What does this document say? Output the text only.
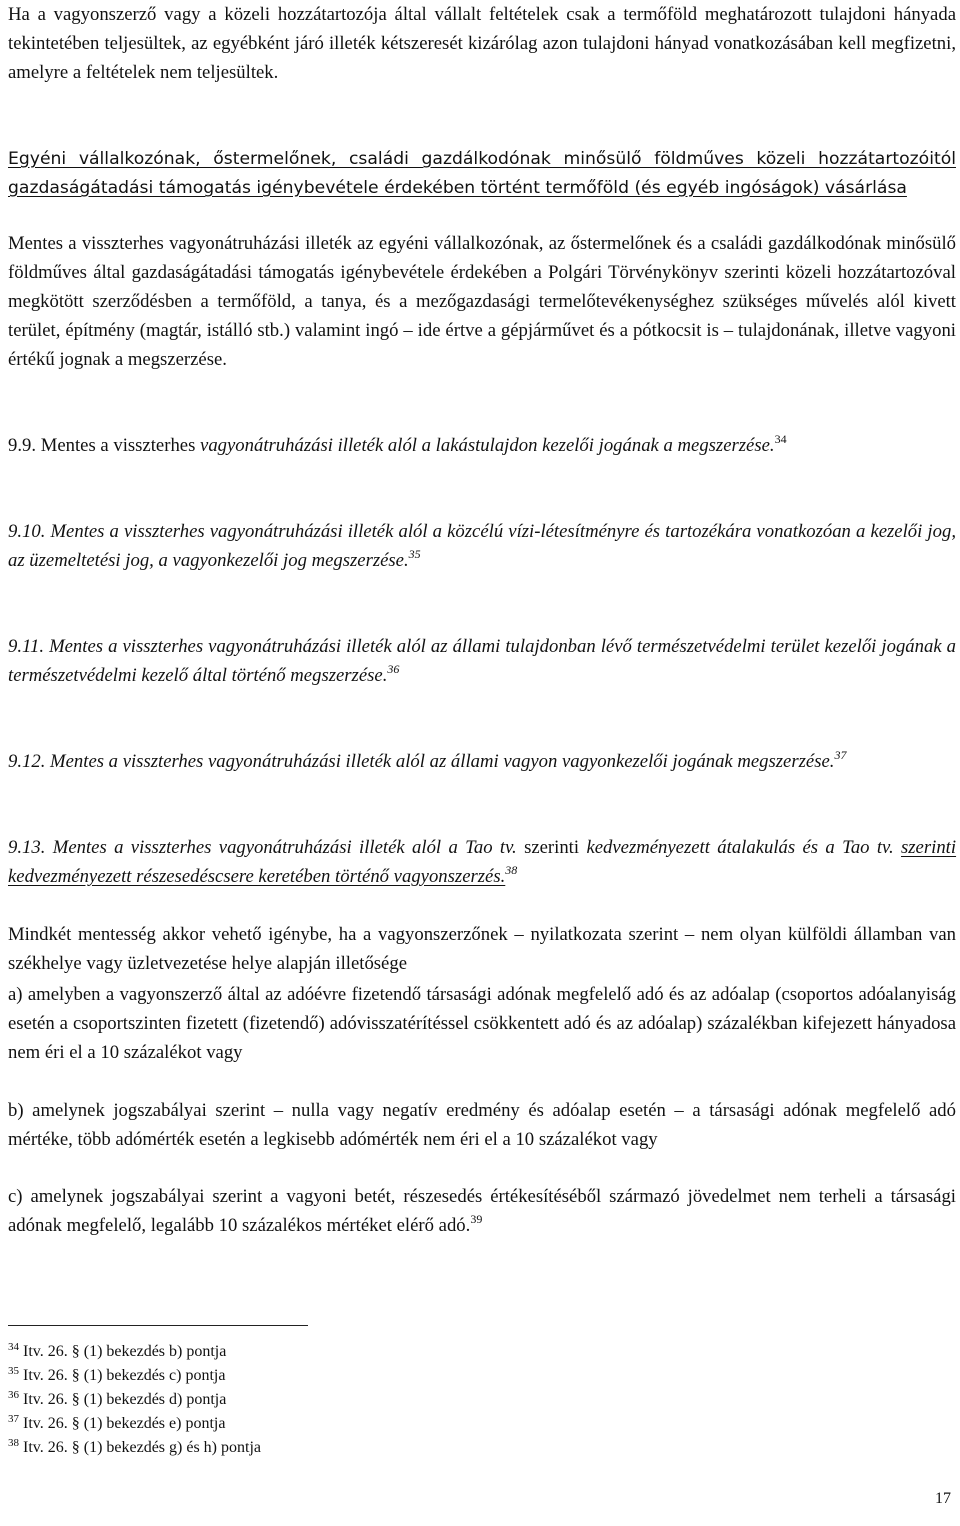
Ha a vagyonszerző vagy a közeli hozzátartozója által vállalt feltételek csak a termőföld meghatározott tulajdoni hányada tekintetében teljesültek, az egyébként járó illeték kétszeresét kizárólag azon tulajdoni hányad vonatkozásában kell megfizetni, amelyre a feltételek nem teljesültek.
Egyéni vállalkozónak, őstermelőnek, családi gazdálkodónak minősülő földműves közeli hozzátartozóitól gazdaságátadási támogatás igénybevétele érdekében történt termőföld (és egyéb ingóságok) vásárlása
Mentes a visszterhes vagyonátruházási illeték az egyéni vállalkozónak, az őstermelőnek és a családi gazdálkodónak minősülő földműves által gazdaságátadási támogatás igénybevétele érdekében a Polgári Törvénykönyv szerinti közeli hozzátartozóval megkötött szerződésben a termőföld, a tanya, és a mezőgazdasági termelőtevékenységhez szükséges művelés alól kivett terület, építmény (magtár, istálló stb.) valamint ingó – ide értve a gépjárművet és a pótkocsit is – tulajdonának, illetve vagyoni értékű jognak a megszerzése.
9.9. Mentes a visszterhes vagyonátruházási illeték alól a lakástulajdon kezelői jogának a megszerzése.$^{34}$
9.10. Mentes a visszterhes vagyonátruházási illeték alól a közcélú vízi-létesítményre és tartozékára vonatkozóan a kezelői jog, az üzemeltetési jog, a vagyonkezelői jog megszerzése.$^{35}$
9.11. Mentes a visszterhes vagyonátruházási illeték alól az állami tulajdonban lévő természetvédelmi terület kezelői jogának a természetvédelmi kezelő által történő megszerzése.$^{36}$
9.12. Mentes a visszterhes vagyonátruházási illeték alól az állami vagyon vagyonkezelői jogának megszerzése.$^{37}$
9.13. Mentes a visszterhes vagyonátruházási illeték alól a Tao tv. szerinti kedvezményezett átalakulás és a Tao tv. szerinti kedvezményezett részesedéscsere keretében történő vagyonszerzés.$^{38}$
Mindkét mentesség akkor vehető igénybe, ha a vagyonszerzőnek – nyilatkozata szerint – nem olyan külföldi államban van székhelye vagy üzletvezetése helye alapján illetősége
a) amelyben a vagyonszerző által az adóévre fizetendő társasági adónak megfelelő adó és az adóalap (csoportos adóalanyiság esetén a csoportszinten fizetett (fizetendő) adóvisszatérítéssel csökkentett adó és az adóalap) százalékban kifejezett hányadosa nem éri el a 10 százalékot vagy
b) amelynek jogszabályai szerint – nulla vagy negatív eredmény és adóalap esetén – a társasági adónak megfelelő adó mértéke, több adómérték esetén a legkisebb adómérték nem éri el a 10 százalékot vagy
c) amelynek jogszabályai szerint a vagyoni betét, részesedés értékesítéséből származó jövedelmet nem terheli a társasági adónak megfelelő, legalább 10 százalékos mértéket elérő adó.$^{39}$
$^{34}$ Itv. 26. § (1) bekezdés b) pontja
$^{35}$ Itv. 26. § (1) bekezdés c) pontja
$^{36}$ Itv. 26. § (1) bekezdés d) pontja
$^{37}$ Itv. 26. § (1) bekezdés e) pontja
$^{38}$ Itv. 26. § (1) bekezdés g) és h) pontja
17
